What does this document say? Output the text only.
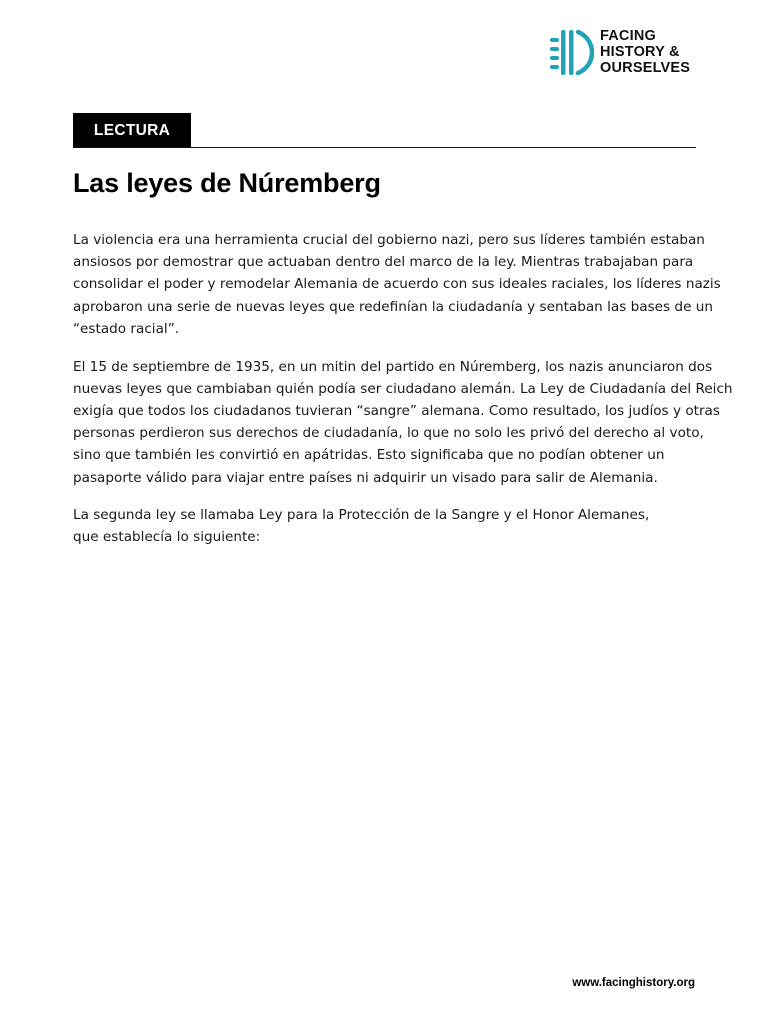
FACING
HISTORY &
OURSELVES
LECTURA
Las leyes de Núremberg

La violencia era una herramienta crucial del gobierno nazi, pero sus líderes también estaban
ansiosos por demostrar que actuaban dentro del marco de la ley. Mientras trabajaban para
consolidar el poder y remodelar Alemania de acuerdo con sus ideales raciales, los líderes nazis
aprobaron una serie de nuevas leyes que redefinían la ciudadanía y sentaban las bases de un
“estado racial”.

El 15 de septiembre de 1935, en un mitin del partido en Núremberg, los nazis anunciaron dos
nuevas leyes que cambiaban quién podía ser ciudadano alemán. La Ley de Ciudadanía del Reich
exigía que todos los ciudadanos tuvieran “sangre” alemana. Como resultado, los judíos y otras
personas perdieron sus derechos de ciudadanía, lo que no solo les privó del derecho al voto,
sino que también les convirtió en apátridas. Esto significaba que no podían obtener un
pasaporte válido para viajar entre países ni adquirir un visado para salir de Alemania.

La segunda ley se llamaba Ley para la Protección de la Sangre y el Honor Alemanes,
que establecía lo siguiente:

www.facinghistory.org
